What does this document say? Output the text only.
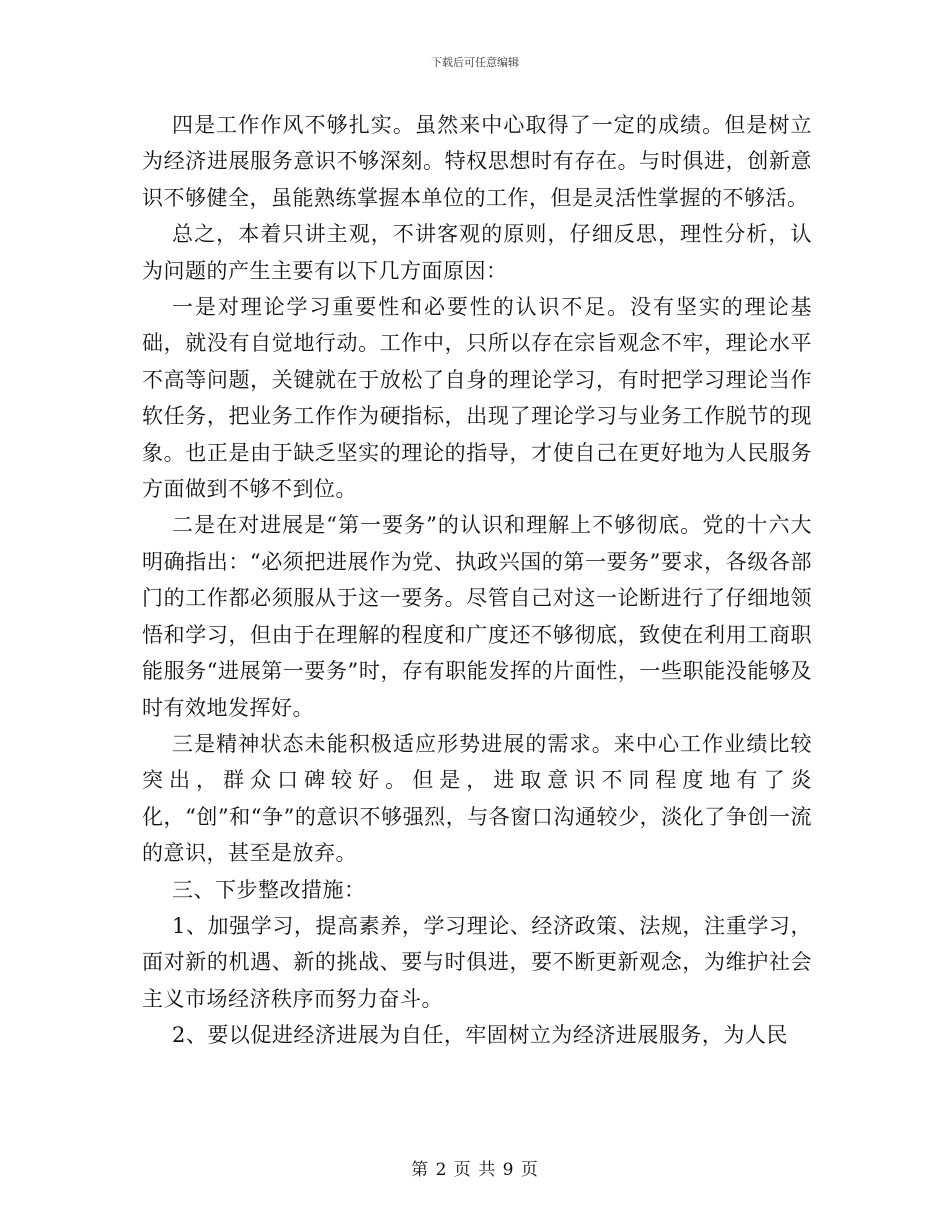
下载后可任意编辑

四是工作作风不够扎实。虽然来中心取得了一定的成绩。但是树立为经济进展服务意识不够深刻。特权思想时有存在。与时俱进，创新意识不够健全，虽能熟练掌握本单位的工作，但是灵活性掌握的不够活。

总之，本着只讲主观，不讲客观的原则，仔细反思，理性分析，认为问题的产生主要有以下几方面原因：

一是对理论学习重要性和必要性的认识不足。没有坚实的理论基础，就没有自觉地行动。工作中，只所以存在宗旨观念不牢，理论水平不高等问题，关键就在于放松了自身的理论学习，有时把学习理论当作软任务，把业务工作作为硬指标，出现了理论学习与业务工作脱节的现象。也正是由于缺乏坚实的理论的指导，才使自己在更好地为人民服务方面做到不够不到位。

二是在对进展是“第一要务”的认识和理解上不够彻底。党的十六大明确指出：“必须把进展作为党、执政兴国的第一要务”要求，各级各部门的工作都必须服从于这一要务。尽管自己对这一论断进行了仔细地领悟和学习，但由于在理解的程度和广度还不够彻底，致使在利用工商职能服务“进展第一要务”时，存有职能发挥的片面性，一些职能没能够及时有效地发挥好。

三是精神状态未能积极适应形势进展的需求。来中心工作业绩比较突出，群众口碑较好。但是，进取意识不同程度地有了炎化，“创”和“争”的意识不够强烈，与各窗口沟通较少，淡化了争创一流的意识，甚至是放弃。

三、下步整改措施：

1、加强学习，提高素养，学习理论、经济政策、法规，注重学习，面对新的机遇、新的挑战、要与时俱进，要不断更新观念，为维护社会主义市场经济秩序而努力奋斗。

2、要以促进经济进展为自任，牢固树立为经济进展服务，为人民

第 2 页 共 9 页
